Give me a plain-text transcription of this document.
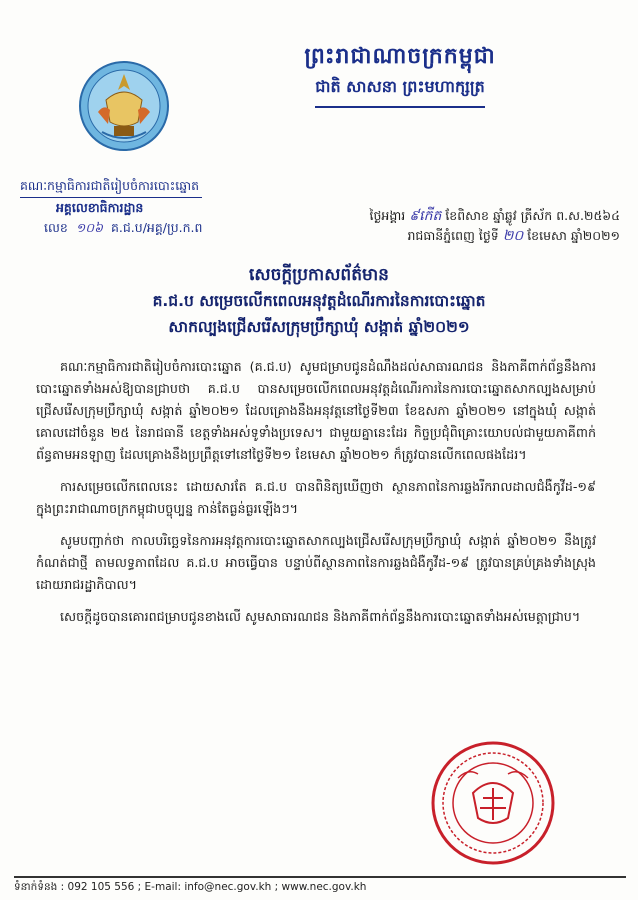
ព្រះរាជាណាចក្រកម្ពុជា
ជាតិ សាសនា ព្រះមហាក្សត្រ
គណៈកម្មាធិការជាតិរៀបចំការបោះឆ្នោត
អគ្គលេខាធិការដ្ឋាន
លេខ ១០៦ គ.ជ.ប/អគ្គ/ប្រ.ក.ព
ថ្ងៃអង្គារ ៩កើត ខែពិសាខ ឆ្នាំឆ្លូវ ត្រីស័ក ព.ស.២៥៦៤
រាជធានីភ្នំពេញ ថ្ងៃទី ២០ ខែមេសា ឆ្នាំ២០២១
សេចក្តីប្រកាសព័ត៌មាន
គ.ជ.ប សម្រេចលើកពេលអនុវត្តដំណើរការនៃការបោះឆ្នោត
សាកល្បងជ្រើសរើសក្រុមប្រឹក្សាឃុំ សង្កាត់ ឆ្នាំ២០២១

គណៈកម្មាធិការជាតិរៀបចំការបោះឆ្នោត (គ.ជ.ប) សូមជម្រាបជូនដំណឹងដល់សាធារណជន និងភាគីពាក់ព័ន្ធនឹងការបោះឆ្នោតទាំងអស់ឱ្យបានជ្រាបថា គ.ជ.ប បានសម្រេចលើកពេលអនុវត្តដំណើរការនៃការបោះឆ្នោតសាកល្បងសម្រាប់ជ្រើសរើសក្រុមប្រឹក្សាឃុំ សង្កាត់ ឆ្នាំ២០២១ ដែលគ្រោងនឹងអនុវត្តនៅថ្ងៃទី២៣ ខែឧសភា ឆ្នាំ២០២១ នៅក្នុងឃុំ សង្កាត់គោលដៅចំនួន ២៥ នៃរាជធានី ខេត្តទាំងអស់ទូទាំងប្រទេស។ ជាមួយគ្នានេះដែរ កិច្ចប្រជុំពិគ្រោះយោបល់ជាមួយភាគីពាក់ព័ន្ធតាមអនឡាញ ដែលគ្រោងនឹងប្រព្រឹត្តទៅនៅថ្ងៃទី២១ ខែមេសា ឆ្នាំ២០២១ ក៏ត្រូវបានលើកពេលផងដែរ។

ការសម្រេចលើកពេលនេះ ដោយសារតែ គ.ជ.ប បានពិនិត្យឃើញថា ស្ថានភាពនៃការឆ្លងរីករាលដាលជំងឺកូវីដ-១៩ ក្នុងព្រះរាជាណាចក្រកម្ពុជាបច្ចុប្បន្ន កាន់តែធ្ងន់ធ្ងរឡើងៗ។

សូមបញ្ជាក់ថា កាលបរិច្ឆេទនៃការអនុវត្តការបោះឆ្នោតសាកល្បងជ្រើសរើសក្រុមប្រឹក្សាឃុំ សង្កាត់ ឆ្នាំ២០២១ នឹងត្រូវកំណត់ជាថ្មី តាមលទ្ធភាពដែល គ.ជ.ប អាចធ្វើបាន បន្ទាប់ពីស្ថានភាពនៃការឆ្លងជំងឺកូវីដ-១៩ ត្រូវបានគ្រប់គ្រងទាំងស្រុងដោយរាជរដ្ឋាភិបាល។

សេចក្តីដូចបានគោរពជម្រាបជូនខាងលើ សូមសាធារណជន និងភាគីពាក់ព័ន្ធនឹងការបោះឆ្នោតទាំងអស់មេត្តាជ្រាប។

ទំនាក់ទំនង : 092 105 556 ; E-mail: info@nec.gov.kh ; www.nec.gov.kh
